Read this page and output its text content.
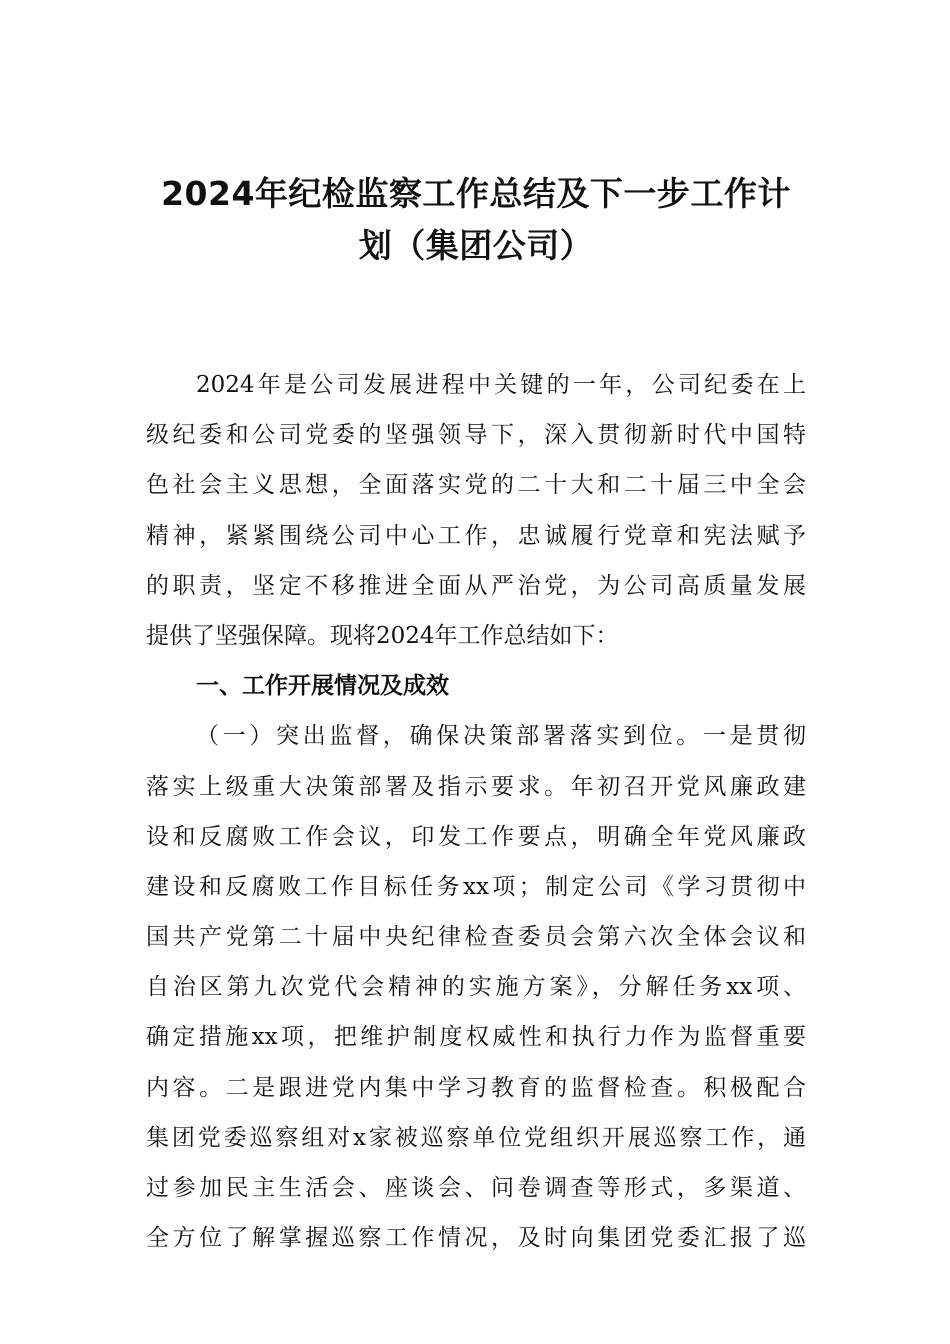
2024年纪检监察工作总结及下一步工作计
划（集团公司）
2024年是公司发展进程中关键的一年，公司纪委在上
级纪委和公司党委的坚强领导下，深入贯彻新时代中国特
色社会主义思想，全面落实党的二十大和二十届三中全会
精神，紧紧围绕公司中心工作，忠诚履行党章和宪法赋予
的职责，坚定不移推进全面从严治党，为公司高质量发展
提供了坚强保障。现将2024年工作总结如下：
一、工作开展情况及成效
（一）突出监督，确保决策部署落实到位。一是贯彻
落实上级重大决策部署及指示要求。年初召开党风廉政建
设和反腐败工作会议，印发工作要点，明确全年党风廉政
建设和反腐败工作目标任务xx项；制定公司《学习贯彻中
国共产党第二十届中央纪律检查委员会第六次全体会议和
自治区第九次党代会精神的实施方案》，分解任务xx项、
确定措施xx项，把维护制度权威性和执行力作为监督重要
内容。二是跟进党内集中学习教育的监督检查。积极配合
集团党委巡察组对x家被巡察单位党组织开展巡察工作，通
过参加民主生活会、座谈会、问卷调查等形式，多渠道、
全方位了解掌握巡察工作情况，及时向集团党委汇报了巡
